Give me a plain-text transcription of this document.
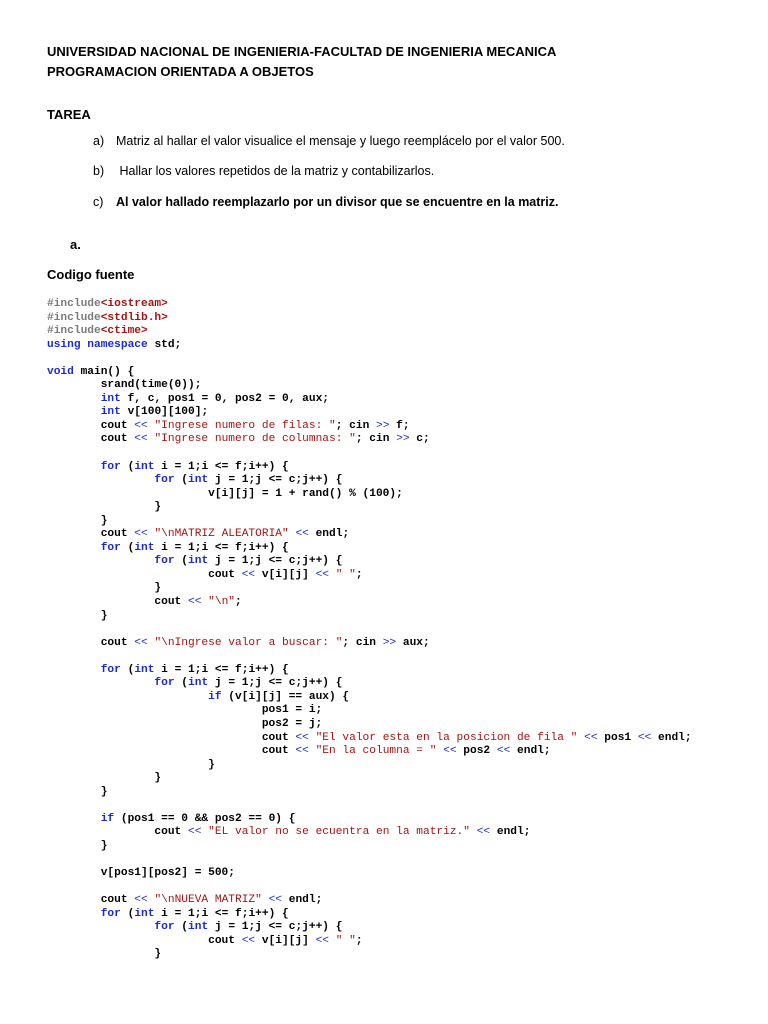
UNIVERSIDAD NACIONAL DE INGENIERIA-FACULTAD DE INGENIERIA MECANICA
PROGRAMACION ORIENTADA A OBJETOS
TAREA
a) Matriz al hallar el valor visualice el mensaje y luego reemplácelo por el valor 500.
b) Hallar los valores repetidos de la matriz y contabilizarlos.
c) Al valor hallado reemplazarlo por un divisor que se encuentre en la matriz.
a.
Codigo fuente
#include<iostream>
#include<stdlib.h>
#include<ctime>
using namespace std;

void main() {
srand(time(0));
int f, c, pos1 = 0, pos2 = 0, aux;
int v[100][100];
cout << "Ingrese numero de filas: "; cin >> f;
cout << "Ingrese numero de columnas: "; cin >> c;

for (int i = 1;i <= f;i++) {
for (int j = 1;j <= c;j++) {
v[i][j] = 1 + rand() % (100);
}
}
cout << "\nMATRIZ ALEATORIA" << endl;
for (int i = 1;i <= f;i++) {
for (int j = 1;j <= c;j++) {
cout << v[i][j] << " ";
}
cout << "\n";
}

cout << "\nIngrese valor a buscar: "; cin >> aux;

for (int i = 1;i <= f;i++) {
for (int j = 1;j <= c;j++) {
if (v[i][j] == aux) {
pos1 = i;
pos2 = j;
cout << "El valor esta en la posicion de fila " << pos1 << endl;
cout << "En la columna = " << pos2 << endl;
}
}
}

if (pos1 == 0 && pos2 == 0) {
cout << "EL valor no se ecuentra en la matriz." << endl;
}

v[pos1][pos2] = 500;

cout << "\nNUEVA MATRIZ" << endl;
for (int i = 1;i <= f;i++) {
for (int j = 1;j <= c;j++) {
cout << v[i][j] << " ";
}
